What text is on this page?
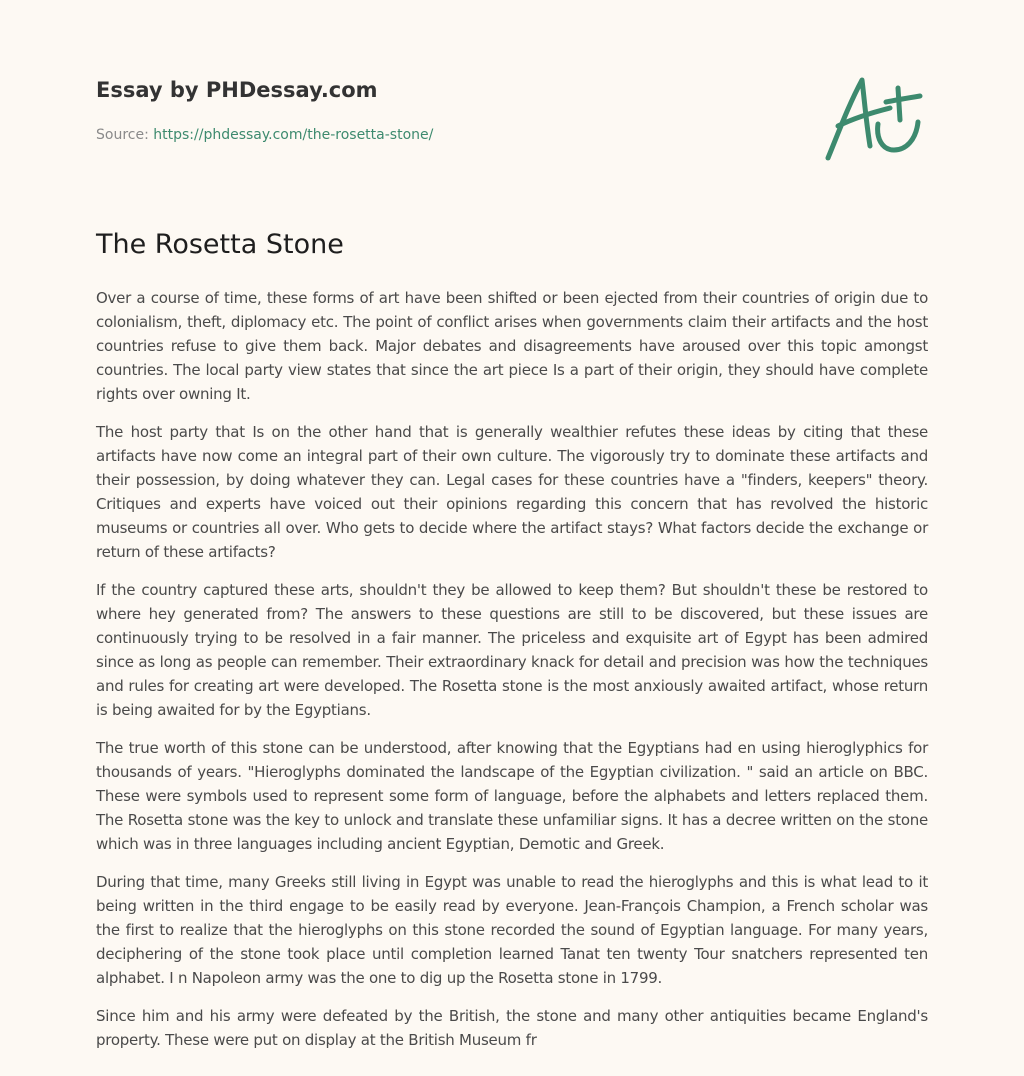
Essay by PHDessay.com
Source: https://phdessay.com/the-rosetta-stone/
The Rosetta Stone

Over a course of time, these forms of art have been shifted or been ejected from their countries of origin due to colonialism, theft, diplomacy etc. The point of conflict arises when governments claim their artifacts and the host countries refuse to give them back. Major debates and disagreements have aroused over this topic amongst countries. The local party view states that since the art piece Is a part of their origin, they should have complete rights over owning It.

The host party that Is on the other hand that is generally wealthier refutes these ideas by citing that these artifacts have now come an integral part of their own culture. The vigorously try to dominate these artifacts and their possession, by doing whatever they can. Legal cases for these countries have a "finders, keepers" theory. Critiques and experts have voiced out their opinions regarding this concern that has revolved the historic museums or countries all over. Who gets to decide where the artifact stays? What factors decide the exchange or return of these artifacts?

If the country captured these arts, shouldn't they be allowed to keep them? But shouldn't these be restored to where hey generated from? The answers to these questions are still to be discovered, but these issues are continuously trying to be resolved in a fair manner. The priceless and exquisite art of Egypt has been admired since as long as people can remember. Their extraordinary knack for detail and precision was how the techniques and rules for creating art were developed. The Rosetta stone is the most anxiously awaited artifact, whose return is being awaited for by the Egyptians.

The true worth of this stone can be understood, after knowing that the Egyptians had en using hieroglyphics for thousands of years. "Hieroglyphs dominated the landscape of the Egyptian civilization. " said an article on BBC. These were symbols used to represent some form of language, before the alphabets and letters replaced them. The Rosetta stone was the key to unlock and translate these unfamiliar signs. It has a decree written on the stone which was in three languages including ancient Egyptian, Demotic and Greek.

During that time, many Greeks still living in Egypt was unable to read the hieroglyphs and this is what lead to it being written in the third engage to be easily read by everyone. Jean-François Champion, a French scholar was the first to realize that the hieroglyphs on this stone recorded the sound of Egyptian language. For many years, deciphering of the stone took place until completion learned Tanat ten twenty Tour snatchers represented ten alphabet. I n Napoleon army was the one to dig up the Rosetta stone in 1799.

Since him and his army were defeated by the British, the stone and many other antiquities became England's property. These were put on display at the British Museum fr
